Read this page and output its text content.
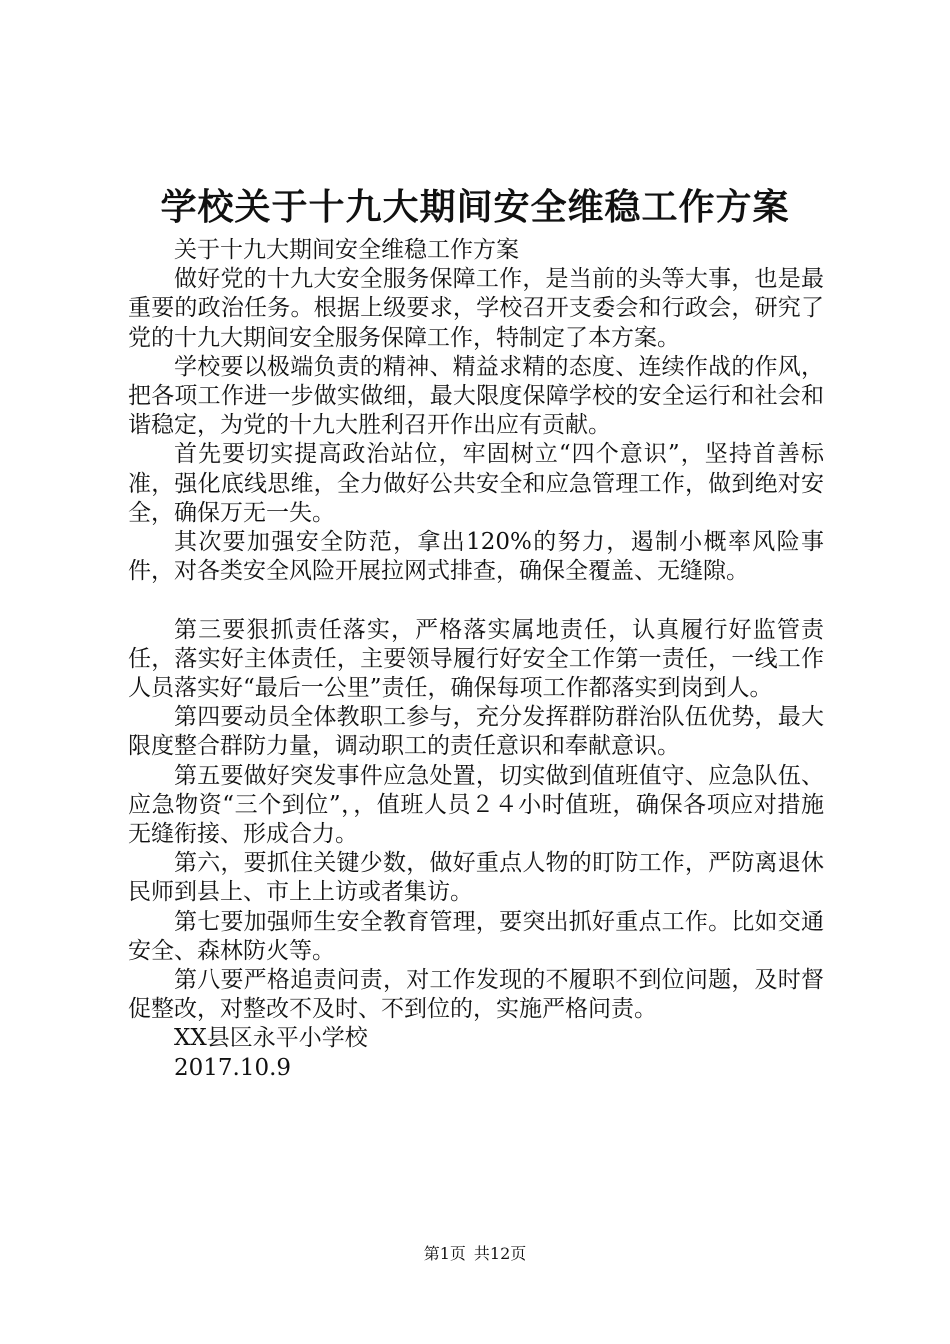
学校关于十九大期间安全维稳工作方案

关于十九大期间安全维稳工作方案

做好党的十九大安全服务保障工作，是当前的头等大事，也是最重要的政治任务。根据上级要求，学校召开支委会和行政会，研究了党的十九大期间安全服务保障工作，特制定了本方案。

学校要以极端负责的精神、精益求精的态度、连续作战的作风，把各项工作进一步做实做细，最大限度保障学校的安全运行和社会和谐稳定，为党的十九大胜利召开作出应有贡献。

首先要切实提高政治站位，牢固树立“四个意识”，坚持首善标准，强化底线思维，全力做好公共安全和应急管理工作，做到绝对安全，确保万无一失。

其次要加强安全防范，拿出120%的努力，遏制小概率风险事件，对各类安全风险开展拉网式排查，确保全覆盖、无缝隙。

第三要狠抓责任落实，严格落实属地责任，认真履行好监管责任，落实好主体责任，主要领导履行好安全工作第一责任，一线工作人员落实好“最后一公里”责任，确保每项工作都落实到岗到人。

第四要动员全体教职工参与，充分发挥群防群治队伍优势，最大限度整合群防力量，调动职工的责任意识和奉献意识。

第五要做好突发事件应急处置，切实做到值班值守、应急队伍、应急物资“三个到位”，，值班人员２４小时值班，确保各项应对措施无缝衔接、形成合力。

第六，要抓住关键少数，做好重点人物的盯防工作，严防离退休民师到县上、市上上访或者集访。

第七要加强师生安全教育管理，要突出抓好重点工作。比如交通安全、森林防火等。

第八要严格追责问责，对工作发现的不履职不到位问题，及时督促整改，对整改不及时、不到位的，实施严格问责。

XX县区永平小学校

2017.10.9

第1页 共12页
